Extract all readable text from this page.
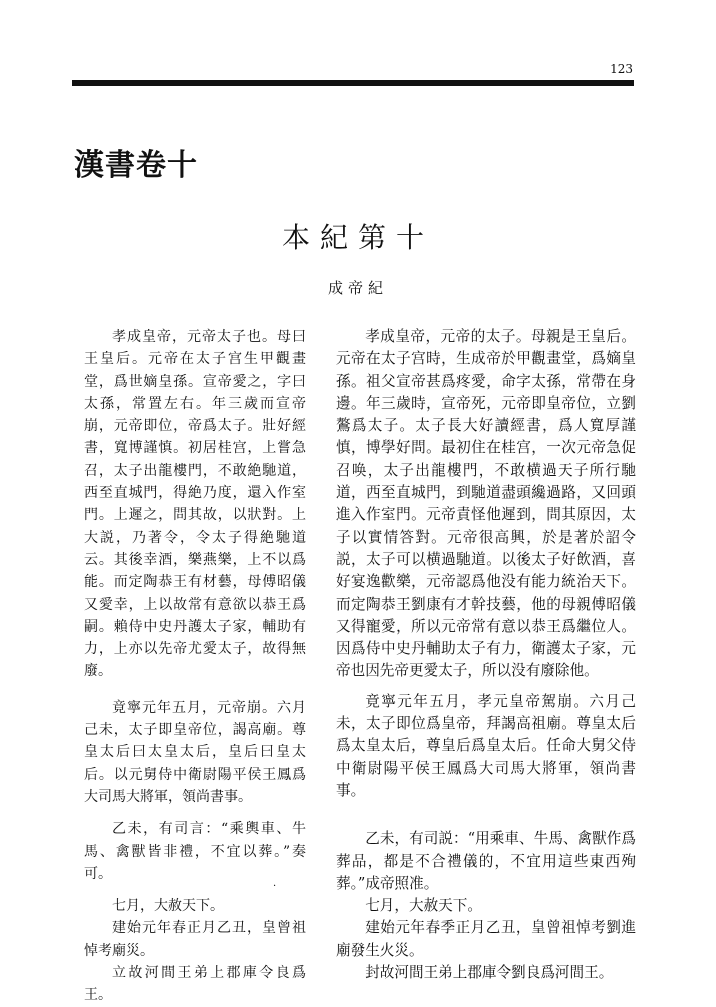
123
漢書卷十
本紀第十
成帝紀

孝成皇帝，元帝太子也。母曰王皇后。元帝在太子宫生甲觀畫堂，爲世嫡皇孫。宣帝愛之，字曰太孫，常置左右。年三歲而宣帝崩，元帝即位，帝爲太子。壯好經書，寬博謹慎。初居桂宫，上嘗急召，太子出龍樓門，不敢絶馳道，西至直城門，得絶乃度，還入作室門。上遲之，問其故，以狀對。上大説，乃著令，令太子得絶馳道云。其後幸酒，樂燕樂，上不以爲能。而定陶恭王有材藝，母傅昭儀又愛幸，上以故常有意欲以恭王爲嗣。賴侍中史丹護太子家，輔助有力，上亦以先帝尤愛太子，故得無廢。

竟寧元年五月，元帝崩。六月己未，太子即皇帝位，謁高廟。尊皇太后曰太皇太后，皇后曰皇太后。以元舅侍中衛尉陽平侯王鳳爲大司馬大將軍，領尚書事。

乙未，有司言：“乘輿車、牛馬、禽獸皆非禮，不宜以葬。”奏可。

七月，大赦天下。

建始元年春正月乙丑，皇曾祖悼考廟災。

立故河間王弟上郡庫令良爲王。

孝成皇帝，元帝的太子。母親是王皇后。元帝在太子宫時，生成帝於甲觀畫堂，爲嫡皇孫。祖父宣帝甚爲疼愛，命字太孫，常帶在身邊。年三歲時，宣帝死，元帝即皇帝位，立劉鷔爲太子。太子長大好讀經書，爲人寬厚謹慎，博學好問。最初住在桂宫，一次元帝急促召唤，太子出龍樓門，不敢横過天子所行馳道，西至直城門，到馳道盡頭纔過路，又回頭進入作室門。元帝責怪他遲到，問其原因，太子以實情答對。元帝很高興，於是著於詔令説，太子可以横過馳道。以後太子好飲酒，喜好宴逸歡樂，元帝認爲他没有能力統治天下。而定陶恭王劉康有才幹技藝，他的母親傅昭儀又得寵愛，所以元帝常有意以恭王爲繼位人。因爲侍中史丹輔助太子有力，衛護太子家，元帝也因先帝更愛太子，所以没有廢除他。

竟寧元年五月，孝元皇帝駕崩。六月己未，太子即位爲皇帝，拜謁高祖廟。尊皇太后爲太皇太后，尊皇后爲皇太后。任命大舅父侍中衛尉陽平侯王鳳爲大司馬大將軍，領尚書事。

乙未，有司説：“用乘車、牛馬、禽獸作爲葬品，都是不合禮儀的，不宜用這些東西殉葬。”成帝照准。

七月，大赦天下。

建始元年春季正月乙丑，皇曾祖悼考劉進廟發生火災。

封故河間王弟上郡庫令劉良爲河間王。

·
